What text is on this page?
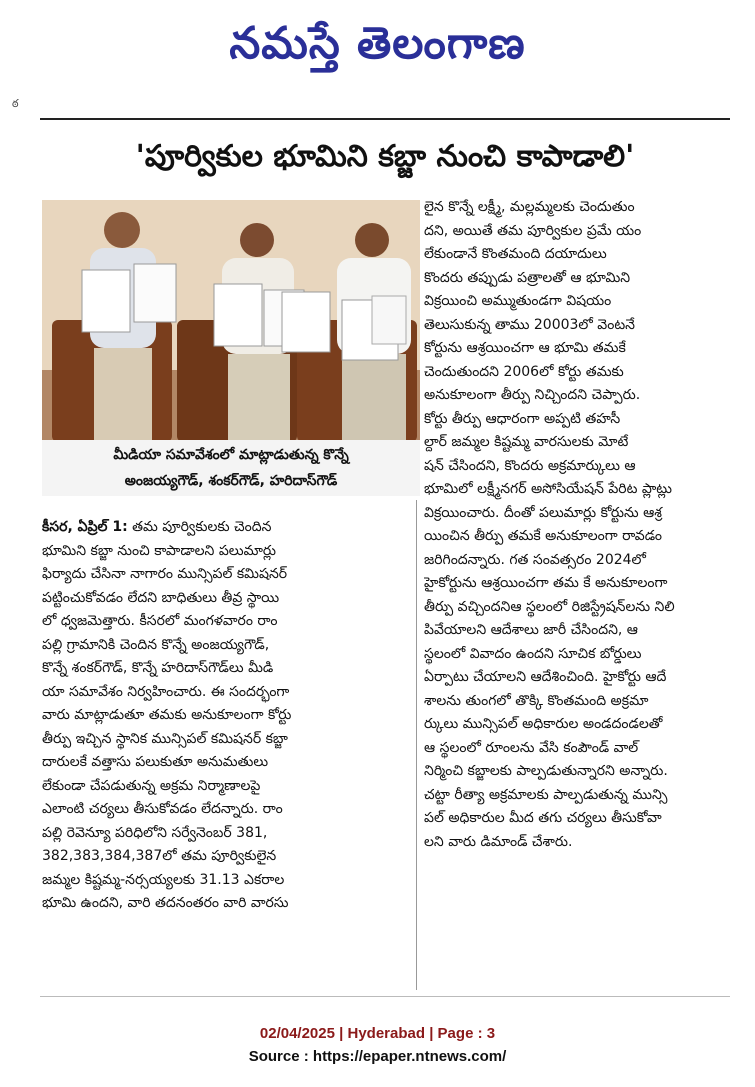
నమస్తే తెలంగాణ
ఠ
'పూర్వికుల భూమిని కబ్జా నుంచి కాపాడాలి'
మీడియా సమావేశంలో మాట్లాడుతున్న కొన్నే
అంజయ్యగౌడ్, శంకర్‌గౌడ్, హరిదాస్‌గౌడ్

కీసర, ఏప్రిల్ 1: తమ పూర్వికులకు చెందిన

భూమిని కబ్జా నుంచి కాపాడాలని పలుమార్లు

ఫిర్యాదు చేసినా నాగారం మున్సిపల్ కమిషనర్

పట్టించుకోవడం లేదని బాధితులు తీవ్ర స్థాయి

లో ధ్వజమెత్తారు. కీసరలో మంగళవారం రాం

పల్లి గ్రామానికి చెందిన కొన్నే అంజయ్యగౌడ్,

కొన్నే శంకర్‌గౌడ్, కొన్నే హరిదాస్‌గౌడ్‌లు మీడి

యా సమావేశం నిర్వహించారు. ఈ సందర్భంగా

వారు మాట్లాడుతూ తమకు అనుకూలంగా కోర్టు

తీర్పు ఇచ్చిన స్థానిక మున్సిపల్ కమిషనర్ కబ్జా

దారులకే వత్తాసు పలుకుతూ అనుమతులు

లేకుండా చేపడుతున్న అక్రమ నిర్మాణాలపై

ఎలాంటి చర్యలు తీసుకోవడం లేదన్నారు. రాం

పల్లి రెవెన్యూ పరిధిలోని సర్వేనెంబర్ 381,

382,383,384,387లో తమ పూర్వికులైన

జమ్మల కిష్టమ్మ-నర్సయ్యలకు 31.13 ఎకరాల

భూమి ఉందని, వారి తదనంతరం వారి వారసు

లైన కొన్నే లక్ష్మీ, మల్లమ్మలకు చెందుతుం

దని, అయితే తమ పూర్వికుల ప్రమే యం

లేకుండానే కొంతమంది దయాదులు

కొందరు తప్పుడు పత్రాలతో ఆ భూమిని

విక్రయించి అమ్ముతుండగా విషయం

తెలుసుకున్న తాము 20003లో వెంటనే

కోర్టును ఆశ్రయించగా ఆ భూమి తమకే

చెందుతుందని 2006లో కోర్టు తమకు

అనుకూలంగా తీర్పు నిచ్చిందని చెప్పారు.

కోర్టు తీర్పు ఆధారంగా అప్పటి తహసీ

ల్దార్ జమ్మల కిష్టమ్మ వారసులకు మోటే

షన్ చేసిందని, కొందరు అక్రమార్కులు ఆ

భూమిలో లక్ష్మీనగర్ అసోసియేషన్ పేరిట ప్లాట్లు

విక్రయించారు. దీంతో పలుమార్లు కోర్టును ఆశ్ర

యించిన తీర్పు తమకే అనుకూలంగా రావడం

జరిగిందన్నారు. గత సంవత్సరం 2024లో

హైకోర్టును ఆశ్రయించగా తమ కే అనుకూలంగా

తీర్పు వచ్చిందనిఆ స్థలంలో రిజిస్ట్రేషన్‌లను నిలి

పివేయాలని ఆదేశాలు జారీ చేసిందని, ఆ

స్థలంలో వివాదం ఉందని సూచిక బోర్డులు

ఏర్పాటు చేయాలని ఆదేశించింది. హైకోర్టు ఆదే

శాలను తుంగలో తొక్కి కొంతమంది అక్రమా

ర్కులు మున్సిపల్ అధికారుల అండదండలతో

ఆ స్థలంలో రూంలను వేసి కంపౌండ్ వాల్

నిర్మించి కబ్జాలకు పాల్పడుతున్నారని అన్నారు.

చట్టా రీత్యా అక్రమాలకు పాల్పడుతున్న మున్సి

పల్ అధికారుల మీద తగు చర్యలు తీసుకోవా

లని వారు డిమాండ్ చేశారు.

02/04/2025 | Hyderabad | Page : 3
Source : https://epaper.ntnews.com/
